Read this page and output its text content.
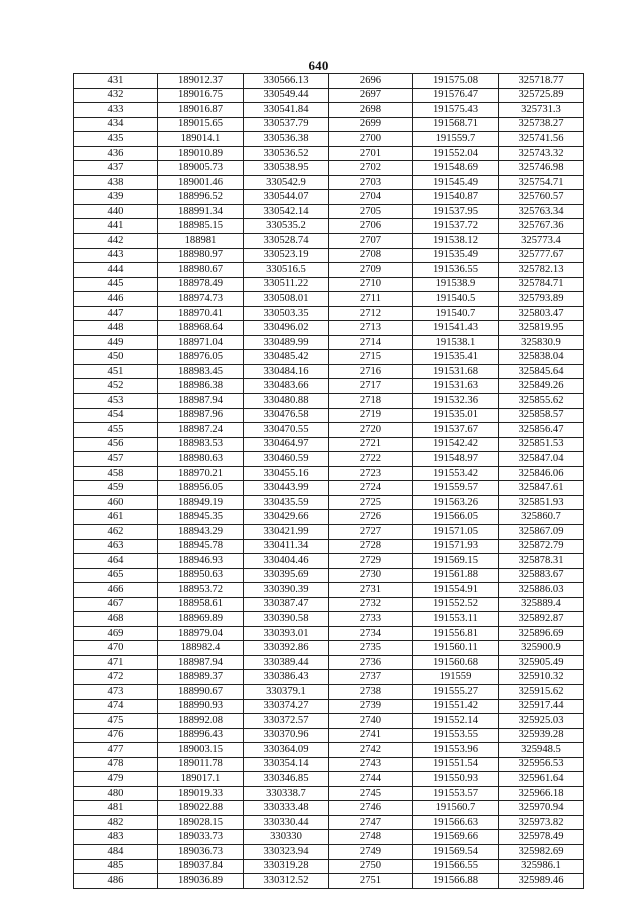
640
431	189012.37	330566.13	2696	191575.08	325718.77
432	189016.75	330549.44	2697	191576.47	325725.89
433	189016.87	330541.84	2698	191575.43	325731.3
434	189015.65	330537.79	2699	191568.71	325738.27
435	189014.1	330536.38	2700	191559.7	325741.56
436	189010.89	330536.52	2701	191552.04	325743.32
437	189005.73	330538.95	2702	191548.69	325746.98
438	189001.46	330542.9	2703	191545.49	325754.71
439	188996.52	330544.07	2704	191540.87	325760.57
440	188991.34	330542.14	2705	191537.95	325763.34
441	188985.15	330535.2	2706	191537.72	325767.36
442	188981	330528.74	2707	191538.12	325773.4
443	188980.97	330523.19	2708	191535.49	325777.67
444	188980.67	330516.5	2709	191536.55	325782.13
445	188978.49	330511.22	2710	191538.9	325784.71
446	188974.73	330508.01	2711	191540.5	325793.89
447	188970.41	330503.35	2712	191540.7	325803.47
448	188968.64	330496.02	2713	191541.43	325819.95
449	188971.04	330489.99	2714	191538.1	325830.9
450	188976.05	330485.42	2715	191535.41	325838.04
451	188983.45	330484.16	2716	191531.68	325845.64
452	188986.38	330483.66	2717	191531.63	325849.26
453	188987.94	330480.88	2718	191532.36	325855.62
454	188987.96	330476.58	2719	191535.01	325858.57
455	188987.24	330470.55	2720	191537.67	325856.47
456	188983.53	330464.97	2721	191542.42	325851.53
457	188980.63	330460.59	2722	191548.97	325847.04
458	188970.21	330455.16	2723	191553.42	325846.06
459	188956.05	330443.99	2724	191559.57	325847.61
460	188949.19	330435.59	2725	191563.26	325851.93
461	188945.35	330429.66	2726	191566.05	325860.7
462	188943.29	330421.99	2727	191571.05	325867.09
463	188945.78	330411.34	2728	191571.93	325872.79
464	188946.93	330404.46	2729	191569.15	325878.31
465	188950.63	330395.69	2730	191561.88	325883.67
466	188953.72	330390.39	2731	191554.91	325886.03
467	188958.61	330387.47	2732	191552.52	325889.4
468	188969.89	330390.58	2733	191553.11	325892.87
469	188979.04	330393.01	2734	191556.81	325896.69
470	188982.4	330392.86	2735	191560.11	325900.9
471	188987.94	330389.44	2736	191560.68	325905.49
472	188989.37	330386.43	2737	191559	325910.32
473	188990.67	330379.1	2738	191555.27	325915.62
474	188990.93	330374.27	2739	191551.42	325917.44
475	188992.08	330372.57	2740	191552.14	325925.03
476	188996.43	330370.96	2741	191553.55	325939.28
477	189003.15	330364.09	2742	191553.96	325948.5
478	189011.78	330354.14	2743	191551.54	325956.53
479	189017.1	330346.85	2744	191550.93	325961.64
480	189019.33	330338.7	2745	191553.57	325966.18
481	189022.88	330333.48	2746	191560.7	325970.94
482	189028.15	330330.44	2747	191566.63	325973.82
483	189033.73	330330	2748	191569.66	325978.49
484	189036.73	330323.94	2749	191569.54	325982.69
485	189037.84	330319.28	2750	191566.55	325986.1
486	189036.89	330312.52	2751	191566.88	325989.46
